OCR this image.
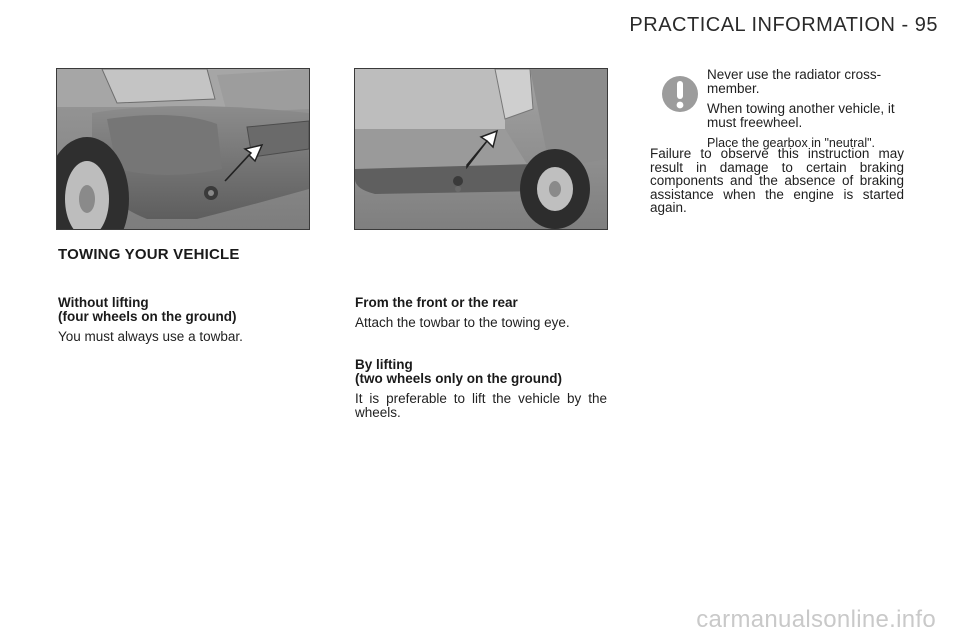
PRACTICAL INFORMATION - 95
TOWING YOUR VEHICLE

Without lifting
(four wheels on the ground)

You must always use a towbar.

From the front or the rear

Attach the towbar to the towing eye.

By lifting
(two wheels only on the ground)

It is preferable to lift the vehicle by the wheels.

Never use the radiator cross-member.

When towing another vehicle, it must freewheel.

Place the gearbox in "neutral".

Failure to observe this instruction may result in damage to certain braking components and the absence of braking assistance when the engine is started again.
carmanualsonline.info
